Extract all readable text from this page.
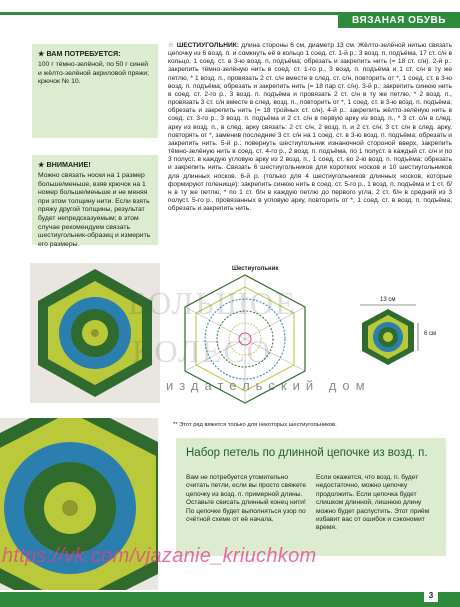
ВЯЗАНАЯ ОБУВЬ
★ ВАМ ПОТРЕБУЕТСЯ:

100 г тёмно-зелёной, по 50 г синей и жёлто-зелёной акриловой пряжи; крючок № 10.

★ ВНИМАНИЕ!

Можно связать носки на 1 размер больше/меньше, взяв крючок на 1 номер больше/меньше и не меняя при этом толщину нити. Если взять пряжу другой толщины, результат будет непредсказуемым; в этом случае рекомендуем связать шестиугольник-образец и измерить его размеры.

☆ ШЕСТИУГОЛЬНИК: длина стороны 6 см, диаметр 13 см. Жёлто-зелёной нитью связать цепочку из 6 возд. п. и сомкнуть её в кольцо 1 соед. ст. 1-й р.: 3 возд. п. подъёма, 17 ст. с/н в кольцо, 1 соед. ст. в 3-ю возд. п. подъёма; обрезать и закрепить нить (= 18 ст. с/н). 2-й р.: закрепить тёмно-зелёную нить в соед. ст. 1-го р., 3 возд. п. подъёма и 1 ст. с/н в ту же петлю, * 1 возд. п., провязать 2 ст. с/н вместе в след. ст. с/н, повторить от *, 1 соед. ст. в 3-ю возд. п. подъёма; обрезать и закрепить нить (= 18 пар ст. с/н). 3-й р.: закрепить синюю нить в соед. ст. 2-го р., 3 возд. п. подъёма и провязать 2 ст. с/н в ту же петлю, * 2 возд. п., провязать 3 ст. с/н вместе в след. возд. п., повторить от *, 1 соед. ст. в 3-ю возд. п. подъёма; обрезать и закрепить нить (= 18 тройных ст. с/н). 4-й р.: закрепить жёлто-зелёную нить в соед. ст. 3-го р., 3 возд. п. подъёма и 2 ст. с/н в первую арку из возд. п., * 3 ст. с/н в след. арку из возд. п., в след. арку связать: 2 ст. с/н, 2 возд. п. и 2 ст. с/н; 3 ст. с/н в след. арку, повторять от *, заменив последние 3 ст. с/н на 1 соед. ст. в 3-ю возд. п. подъёма; обрезать и закрепить нить. 5-й р.: повернуть шестиугольник изнаночной стороной вверх, закрепить тёмно-зелёную нить в соед. ст. 4-го р., 2 возд. п. подъёма, по 1 полуст. в каждый ст. с/н и по 3 полуст. в каждую угловую арку из 2 возд. п., 1 соед. ст. во 2-ю возд. п. подъёма; обрезать и закрепить нить. Связать 6 шестиугольников для коротких носков и 10 шестиугольников для длинных носков. 6-й р. (только для 4 шестиугольников длинных носков, которые формируют голенище): закрепить синюю нить в соед. ст. 5-го р., 1 возд. п. подъёма и 1 ст. б/н в ту же петлю, * по 1 ст. б/н в каждую петлю до первого угла, 2 ст. б/н в средний из 3 полуст. 5-го р., провязанных в угловую арку, повторить от *, 1 соед. ст. в возд. п. подъёма; обрезать и закрепить нить.
Шестиугольник
БОЛЬШОЕ
КОЛЕСО
издательский дом
13 см
6 см
** Этот ряд вяжется только для некоторых шестиугольников.
Набор петель по длинной цепочке из возд. п.
Вам не потребуется утомительно считать петли, если вы просто свяжете цепочку из возд. п. примерной длины. Оставьте свисать длинный конец нити! По цепочке будет выполняться узор по счётной схеме от её начала.
Если окажется, что возд. п. будет недостаточно, можно цепочку продолжить. Если цепочка будет слишком длинной, лишнюю длину можно будет распустить. Этот приём избавит вас от ошибок и сэкономит время.
https://vk.com/vjazanie_kriuchkom
3
